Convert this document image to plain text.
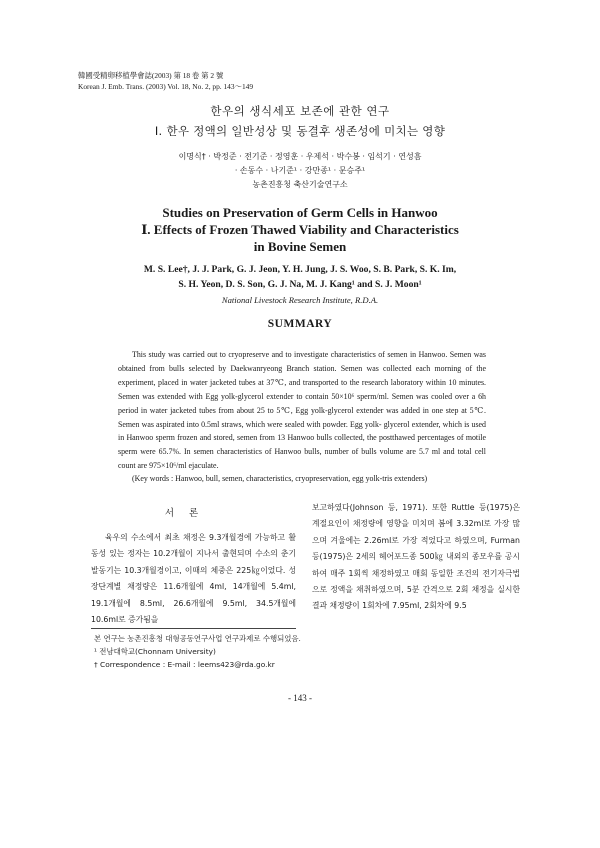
韓國受精卵移植學會誌(2003) 第 18 卷 第 2 號
Korean J. Emb. Trans. (2003) Vol. 18, No. 2, pp. 143～149
한우의 생식세포 보존에 관한 연구
Ⅰ. 한우 정액의 일반성상 및 동결후 생존성에 미치는 영향
이명식† · 박정준 · 전기준 · 정영훈 · 우제석 · 박수봉 · 임석기 · 연성흠
· 손동수 · 나기준¹ · 강만종¹ · 문승주¹
농촌진흥청 축산기술연구소
Studies on Preservation of Germ Cells in Hanwoo
Ⅰ. Effects of Frozen Thawed Viability and Characteristics
in Bovine Semen
M. S. Lee†, J. J. Park, G. J. Jeon, Y. H. Jung, J. S. Woo, S. B. Park, S. K. Im,
S. H. Yeon, D. S. Son, G. J. Na, M. J. Kang¹ and S. J. Moon¹
National Livestock Research Institute, R.D.A.
SUMMARY

This study was carried out to cryopreserve and to investigate characteristics of semen in Hanwoo. Semen was obtained from bulls selected by Daekwanryeong Branch station. Semen was collected each morning of the experiment, placed in water jacketed tubes at 37℃, and transported to the research laboratory within 10 minutes. Semen was extended with Egg yolk-glycerol extender to contain 50×10⁶ sperm/ml. Semen was cooled over a 6h period in water jacketed tubes from about 25 to 5℃, Egg yolk-glycerol extender was added in one step at 5℃. Semen was aspirated into 0.5ml straws, which were sealed with powder. Egg yolk- glycerol extender, which is used in Hanwoo sperm frozen and stored, semen from 13 Hanwoo bulls collected, the postthawed percentages of motile sperm were 65.7%. In semen characteristics of Hanwoo bulls, number of bulls volume are 5.7 ml and total cell count are 975×10⁶/ml ejaculate.

(Key words : Hanwoo, bull, semen, characteristics, cryopreservation, egg yolk-tris extenders)
서 론

육우의 수소에서 최초 채정은 9.3개월경에 가능하고 활동성 있는 정자는 10.2개월이 지나서 출현되며 수소의 춘기발동기는 10.3개월경이고, 이때의 체중은 225㎏이었다. 성장단계별 채정량은 11.6개월에 4ml, 14개월에 5.4ml, 19.1개월에 8.5ml, 26.6개월에 9.5ml, 34.5개월에 10.6ml로 증가됨을

보고하였다(Johnson 등, 1971). 또한 Ruttle 등(1975)은 계절요인이 채정량에 영향을 미치며 봄에 3.32ml로 가장 많으며 겨울에는 2.26ml로 가장 적었다고 하였으며, Furman 등(1975)은 2세의 헤어포드종 500㎏ 내외의 종모우를 공시하여 매주 1회씩 채정하였고 매회 동일한 조건의 전기자극법으로 정액을 채취하였으며, 5분 간격으로 2회 채정을 실시한 결과 채정량이 1회차에 7.95ml, 2회차에 9.5

본 연구는 농촌진흥청 대형공동연구사업 연구과제로 수행되었음.
¹ 전남대학교(Chonnam University)
† Correspondence : E-mail : leems423@rda.go.kr
- 143 -
